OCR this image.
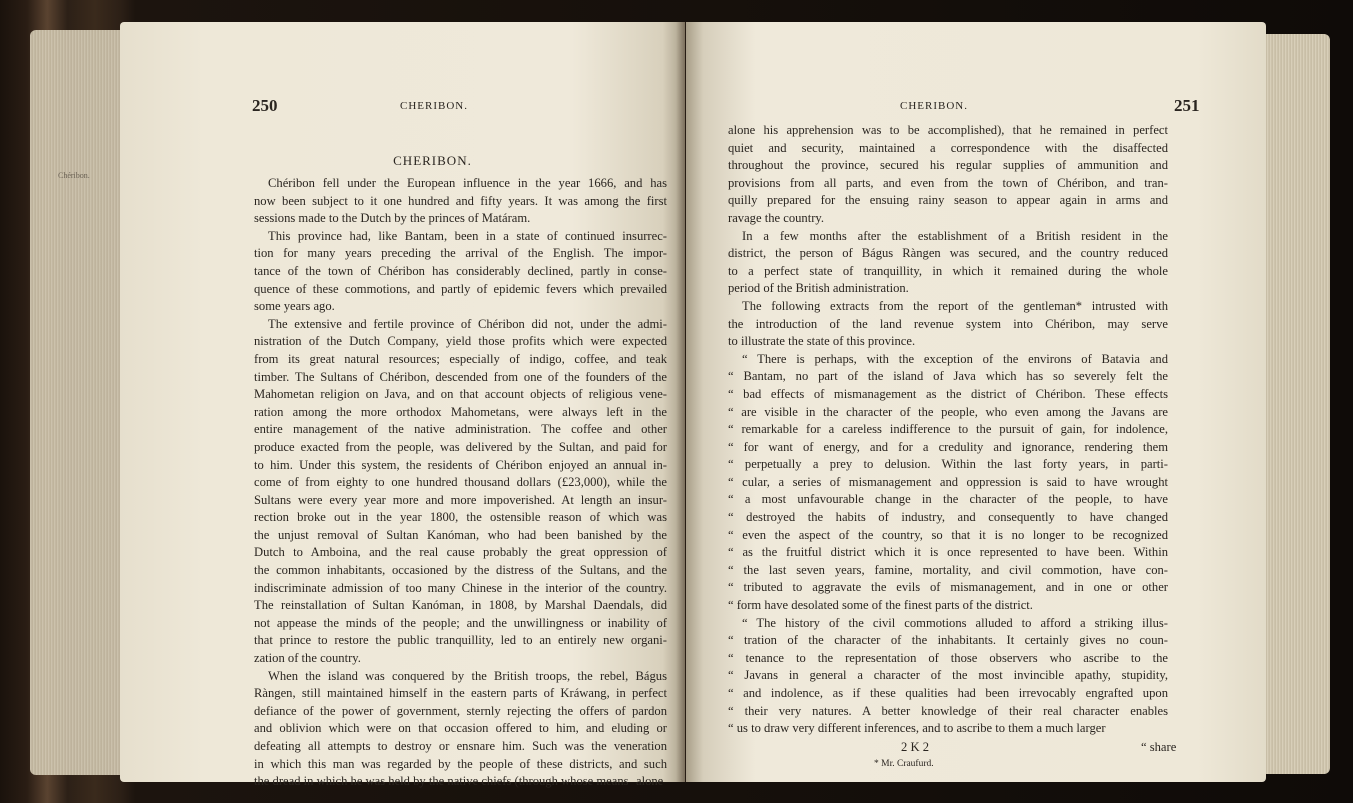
250	CHERIBON.
CHERIBON.
Chéribon.
Chéribon fell under the European influence in the year 1666, and has
now been subject to it one hundred and fifty years. It was among the first
sessions made to the Dutch by the princes of Matáram.
This province had, like Bantam, been in a state of continued insurrec-
tion for many years preceding the arrival of the English. The impor-
tance of the town of Chéribon has considerably declined, partly in conse-
quence of these commotions, and partly of epidemic fevers which prevailed
some years ago.
The extensive and fertile province of Chéribon did not, under the admi-
nistration of the Dutch Company, yield those profits which were expected
from its great natural resources; especially of indigo, coffee, and teak
timber. The Sultans of Chéribon, descended from one of the founders of the
Mahometan religion on Java, and on that account objects of religious vene-
ration among the more orthodox Mahometans, were always left in the
entire management of the native administration. The coffee and other
produce exacted from the people, was delivered by the Sultan, and paid for
to him. Under this system, the residents of Chéribon enjoyed an annual in-
come of from eighty to one hundred thousand dollars (£23,000), while the
Sultans were every year more and more impoverished. At length an insur-
rection broke out in the year 1800, the ostensible reason of which was
the unjust removal of Sultan Kanóman, who had been banished by the
Dutch to Amboina, and the real cause probably the great oppression of
the common inhabitants, occasioned by the distress of the Sultans, and the
indiscriminate admission of too many Chinese in the interior of the country.
The reinstallation of Sultan Kanóman, in 1808, by Marshal Daendals, did
not appease the minds of the people; and the unwillingness or inability of
that prince to restore the public tranquillity, led to an entirely new organi-
zation of the country.
When the island was conquered by the British troops, the rebel, Bágus
Ràngen, still maintained himself in the eastern parts of Kráwang, in perfect
defiance of the power of government, sternly rejecting the offers of pardon
and oblivion which were on that occasion offered to him, and eluding or
defeating all attempts to destroy or ensnare him. Such was the veneration
in which this man was regarded by the people of these districts, and such
the dread in which he was held by the native chiefs (through whose means alone
CHERIBON.	251
alone his apprehension was to be accomplished), that he remained in perfect
quiet and security, maintained a correspondence with the disaffected
throughout the province, secured his regular supplies of ammunition and
provisions from all parts, and even from the town of Chéribon, and tran-
quilly prepared for the ensuing rainy season to appear again in arms and
ravage the country.
In a few months after the establishment of a British resident in the
district, the person of Bágus Ràngen was secured, and the country reduced
to a perfect state of tranquillity, in which it remained during the whole
period of the British administration.
The following extracts from the report of the gentleman* intrusted with
the introduction of the land revenue system into Chéribon, may serve
to illustrate the state of this province.
“ There is perhaps, with the exception of the environs of Batavia and
“ Bantam, no part of the island of Java which has so severely felt the
“ bad effects of mismanagement as the district of Chéribon. These effects
“ are visible in the character of the people, who even among the Javans are
“ remarkable for a careless indifference to the pursuit of gain, for indolence,
“ for want of energy, and for a credulity and ignorance, rendering them
“ perpetually a prey to delusion. Within the last forty years, in parti-
“ cular, a series of mismanagement and oppression is said to have wrought
“ a most unfavourable change in the character of the people, to have
“ destroyed the habits of industry, and consequently to have changed
“ even the aspect of the country, so that it is no longer to be recognized
“ as the fruitful district which it is once represented to have been. Within
“ the last seven years, famine, mortality, and civil commotion, have con-
“ tributed to aggravate the evils of mismanagement, and in one or other
“ form have desolated some of the finest parts of the district.
“ The history of the civil commotions alluded to afford a striking illus-
“ tration of the character of the inhabitants. It certainly gives no coun-
“ tenance to the representation of those observers who ascribe to the
“ Javans in general a character of the most invincible apathy, stupidity,
“ and indolence, as if these qualities had been irrevocably engrafted upon
“ their very natures. A better knowledge of their real character enables
“ us to draw very different inferences, and to ascribe to them a much larger
2 K 2	“ share
* Mr. Craufurd.
